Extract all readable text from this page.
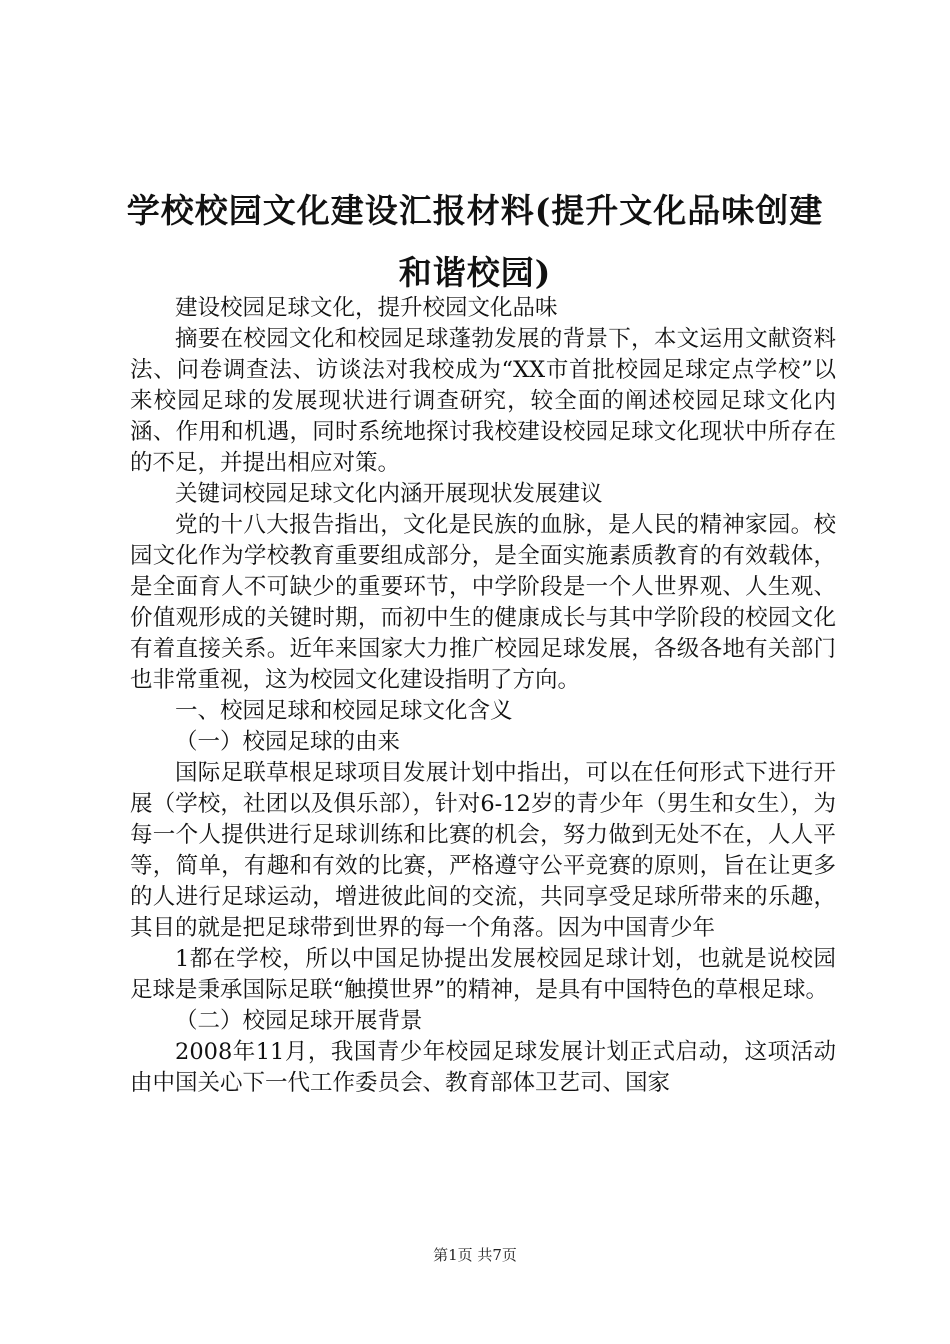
学校校园文化建设汇报材料(提升文化品味创建和谐校园)

建设校园足球文化，提升校园文化品味

摘要在校园文化和校园足球蓬勃发展的背景下，本文运用文献资料法、问卷调查法、访谈法对我校成为“XX市首批校园足球定点学校”以来校园足球的发展现状进行调查研究，较全面的阐述校园足球文化内涵、作用和机遇，同时系统地探讨我校建设校园足球文化现状中所存在的不足，并提出相应对策。

关键词校园足球文化内涵开展现状发展建议

党的十八大报告指出，文化是民族的血脉，是人民的精神家园。校园文化作为学校教育重要组成部分，是全面实施素质教育的有效载体，是全面育人不可缺少的重要环节，中学阶段是一个人世界观、人生观、价值观形成的关键时期，而初中生的健康成长与其中学阶段的校园文化有着直接关系。近年来国家大力推广校园足球发展，各级各地有关部门也非常重视，这为校园文化建设指明了方向。

一、校园足球和校园足球文化含义

（一）校园足球的由来

国际足联草根足球项目发展计划中指出，可以在任何形式下进行开展（学校，社团以及俱乐部），针对6-12岁的青少年（男生和女生），为每一个人提供进行足球训练和比赛的机会，努力做到无处不在，人人平等，简单，有趣和有效的比赛，严格遵守公平竞赛的原则，旨在让更多的人进行足球运动，增进彼此间的交流，共同享受足球所带来的乐趣，其目的就是把足球带到世界的每一个角落。因为中国青少年

1都在学校，所以中国足协提出发展校园足球计划，也就是说校园足球是秉承国际足联“触摸世界”的精神，是具有中国特色的草根足球。

（二）校园足球开展背景

2008年11月，我国青少年校园足球发展计划正式启动，这项活动由中国关心下一代工作委员会、教育部体卫艺司、国家

第1页 共7页
